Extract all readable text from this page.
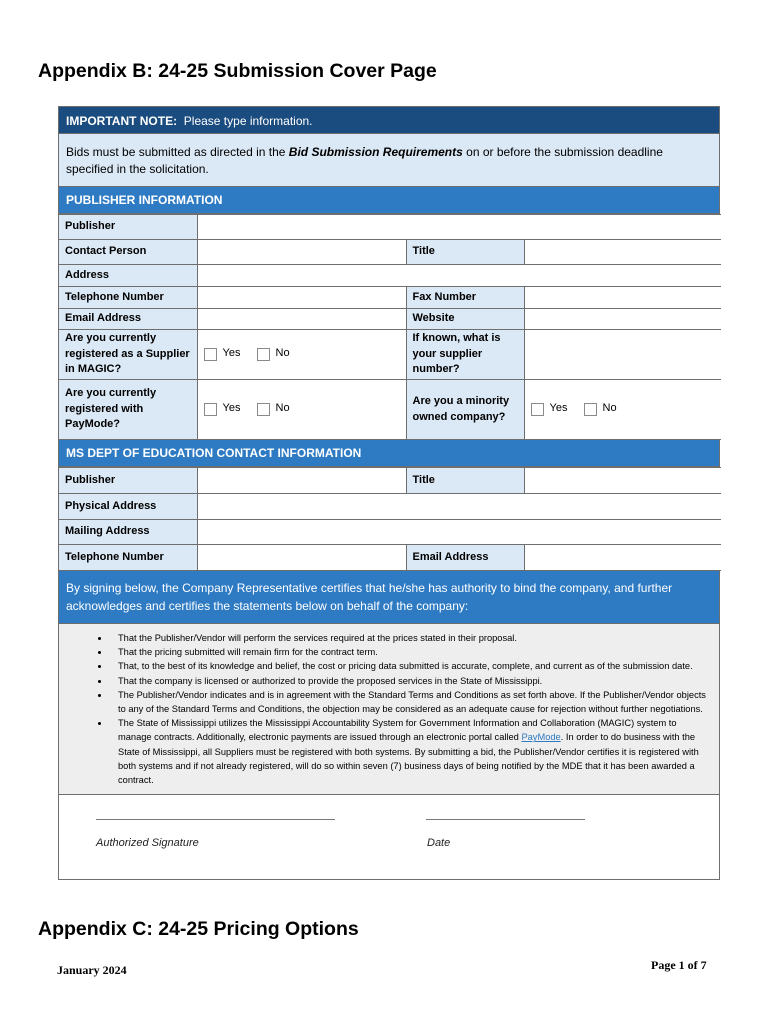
Appendix B: 24-25 Submission Cover Page
IMPORTANT NOTE: Please type information.
Bids must be submitted as directed in the Bid Submission Requirements on or before the submission deadline specified in the solicitation.
PUBLISHER INFORMATION
Publisher			
Contact Person		Title	
Address			
Telephone Number		Fax Number	
Email Address		Website	
Are you currently registered as a Supplier in MAGIC?	Yes No	If known, what is your supplier number?	
Are you currently registered with PayMode?	Yes No	Are you a minority owned company?	Yes No
MS DEPT OF EDUCATION CONTACT INFORMATION
Publisher		Title	
Physical Address			
Mailing Address			
Telephone Number		Email Address	
By signing below, the Company Representative certifies that he/she has authority to bind the company, and further acknowledges and certifies the statements below on behalf of the company:
• That the Publisher/Vendor will perform the services required at the prices stated in their proposal.
• That the pricing submitted will remain firm for the contract term.
• That, to the best of its knowledge and belief, the cost or pricing data submitted is accurate, complete, and current as of the submission date.
• That the company is licensed or authorized to provide the proposed services in the State of Mississippi.
• The Publisher/Vendor indicates and is in agreement with the Standard Terms and Conditions as set forth above. If the Publisher/Vendor objects to any of the Standard Terms and Conditions, the objection may be considered as an adequate cause for rejection without further negotiations.
• The State of Mississippi utilizes the Mississippi Accountability System for Government Information and Collaboration (MAGIC) system to manage contracts. Additionally, electronic payments are issued through an electronic portal called PayMode. In order to do business with the State of Mississippi, all Suppliers must be registered with both systems. By submitting a bid, the Publisher/Vendor certifies it is registered with both systems and if not already registered, will do so within seven (7) business days of being notified by the MDE that it has been awarded a contract.
Authorized Signature	Date
Appendix C: 24-25 Pricing Options
January 2024	Page 1 of 7
